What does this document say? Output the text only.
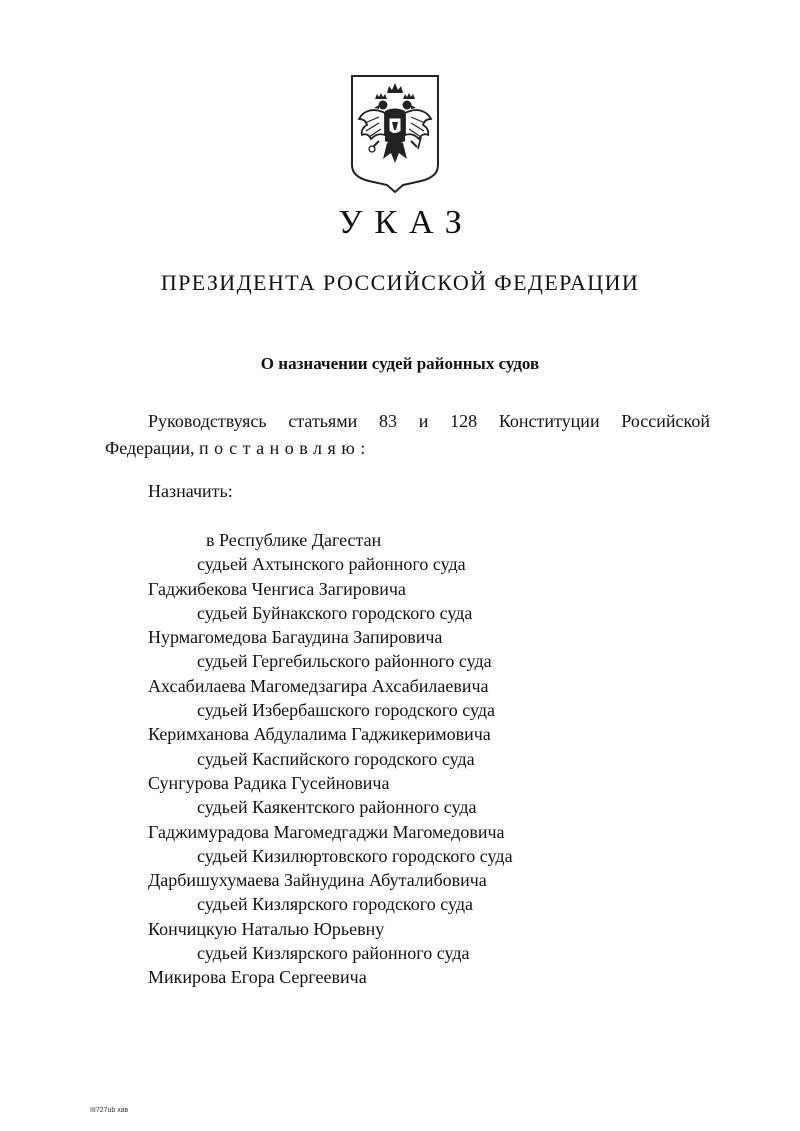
УКАЗ
ПРЕЗИДЕНТА РОССИЙСКОЙ ФЕДЕРАЦИИ
О назначении судей районных судов
Руководствуясь статьями 83 и 128 Конституции Российской
Федерации, постановляю:
Назначить:
в Республике Дагестан
судьей Ахтынского районного суда
Гаджибекова Ченгиса Загировича
судьей Буйнакского городского суда
Нурмагомедова Багаудина Запировича
судьей Гергебильского районного суда
Ахсабилаева Магомедзагира Ахсабилаевича
судьей Избербашского городского суда
Керимханова Абдулалима Гаджикеримовича
судьей Каспийского городского суда
Сунгурова Радика Гусейновича
судьей Каякентского районного суда
Гаджимурадова Магомедгаджи Магомедовича
судьей Кизилюртовского городского суда
Дарбишухумаева Зайнудина Абуталибовича
судьей Кизлярского городского суда
Кончицкую Наталью Юрьевну
судьей Кизлярского районного суда
Микирова Егора Сергеевича
III727ub хав
